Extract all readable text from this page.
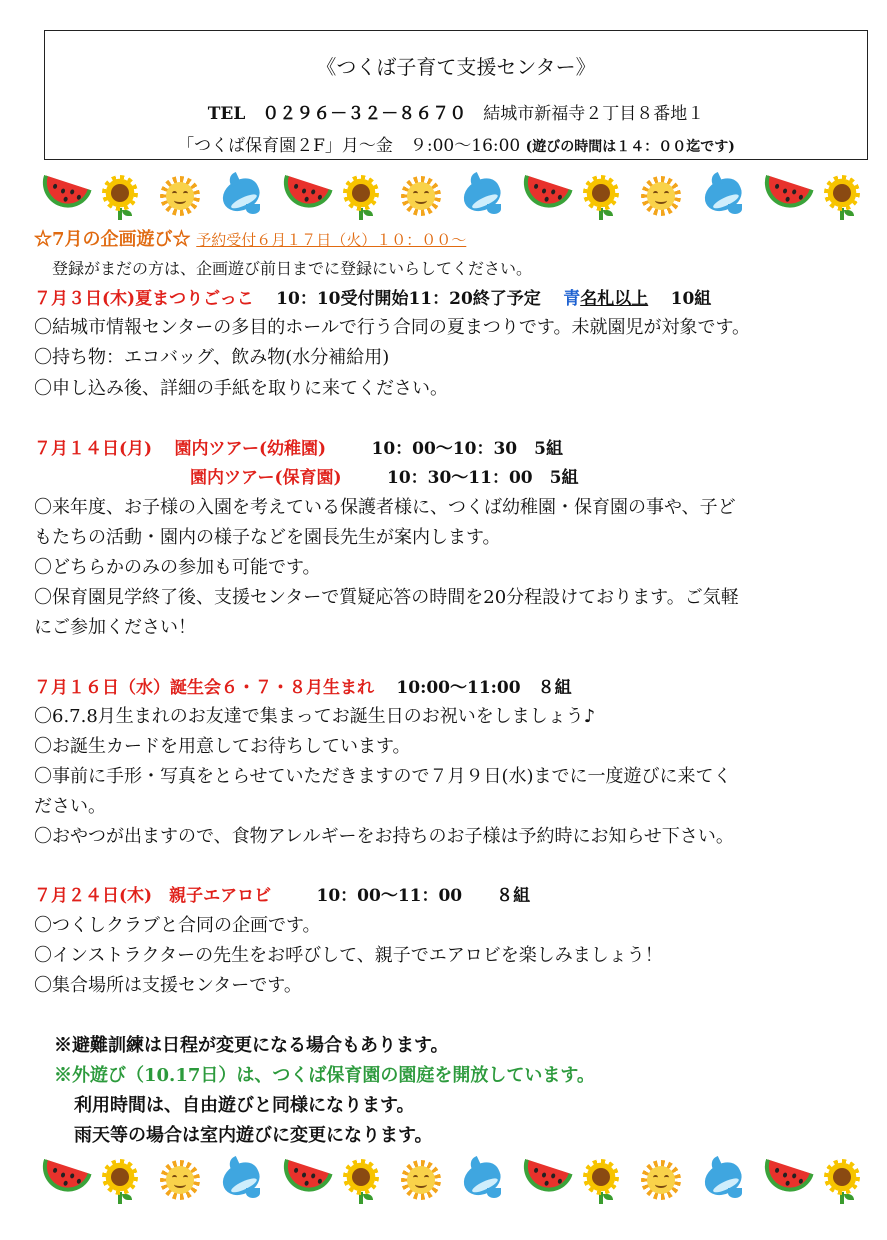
《つくば子育て支援センター》
TEL　０２９６－３２－８６７０　 結城市新福寺２丁目８番地１
「つくば保育園２F」月～金　９:00～16:00 (遊びの時間は１４：００迄です)
☆7月の企画遊び☆ 予約受付６月１７日（火）１０：００～
登録がまだの方は、企画遊び前日までに登録にいらしてください。
７月３日(木)夏まつりごっこ　 10：10受付開始11：20終了予定　 青名札以上　 10組
〇結城市情報センターの多目的ホールで行う合同の夏まつりです。未就園児が対象です。
〇持ち物：エコバッグ、飲み物(水分補給用)
〇申し込み後、詳細の手紙を取りに来てください。
７月１４日(月)　 園内ツアー(幼稚園)	10：00～10：30　5組
園内ツアー(保育園)	10：30～11：00　5組
〇来年度、お子様の入園を考えている保護者様に、つくば幼稚園・保育園の事や、子ど
もたちの活動・園内の様子などを園長先生が案内します。
〇どちらかのみの参加も可能です。
〇保育園見学終了後、支援センターで質疑応答の時間を20分程設けております。ご気軽
にご参加ください！
７月１６日（水）誕生会６・７・８月生まれ　 10:00～11:00　８組
〇6.7.8月生まれのお友達で集まってお誕生日のお祝いをしましょう♪
〇お誕生カードを用意してお待ちしています。
〇事前に手形・写真をとらせていただきますので７月９日(水)までに一度遊びに来てく
ださい。
〇おやつが出ますので、食物アレルギーをお持ちのお子様は予約時にお知らせ下さい。
７月２４日(木)　親子エアロビ	10：00～11：00　　８組
〇つくしクラブと合同の企画です。
〇インストラクターの先生をお呼びして、親子でエアロビを楽しみましょう！
〇集合場所は支援センターです。
※避難訓練は日程が変更になる場合もあります。
※外遊び（10.17日）は、つくば保育園の園庭を開放しています。
利用時間は、自由遊びと同様になります。
雨天等の場合は室内遊びに変更になります。
